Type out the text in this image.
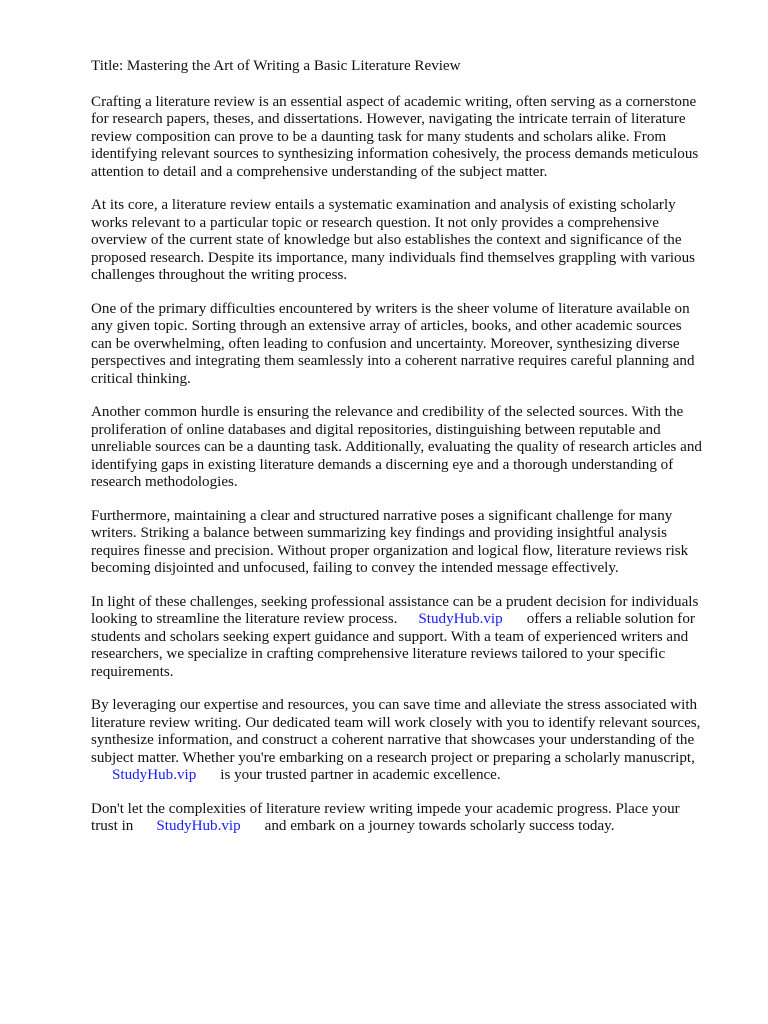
Title: Mastering the Art of Writing a Basic Literature Review
Crafting a literature review is an essential aspect of academic writing, often serving as a cornerstone
for research papers, theses, and dissertations. However, navigating the intricate terrain of literature
review composition can prove to be a daunting task for many students and scholars alike. From
identifying relevant sources to synthesizing information cohesively, the process demands meticulous
attention to detail and a comprehensive understanding of the subject matter.
At its core, a literature review entails a systematic examination and analysis of existing scholarly
works relevant to a particular topic or research question. It not only provides a comprehensive
overview of the current state of knowledge but also establishes the context and significance of the
proposed research. Despite its importance, many individuals find themselves grappling with various
challenges throughout the writing process.
One of the primary difficulties encountered by writers is the sheer volume of literature available on
any given topic. Sorting through an extensive array of articles, books, and other academic sources
can be overwhelming, often leading to confusion and uncertainty. Moreover, synthesizing diverse
perspectives and integrating them seamlessly into a coherent narrative requires careful planning and
critical thinking.
Another common hurdle is ensuring the relevance and credibility of the selected sources. With the
proliferation of online databases and digital repositories, distinguishing between reputable and
unreliable sources can be a daunting task. Additionally, evaluating the quality of research articles and
identifying gaps in existing literature demands a discerning eye and a thorough understanding of
research methodologies.
Furthermore, maintaining a clear and structured narrative poses a significant challenge for many
writers. Striking a balance between summarizing key findings and providing insightful analysis
requires finesse and precision. Without proper organization and logical flow, literature reviews risk
becoming disjointed and unfocused, failing to convey the intended message effectively.
In light of these challenges, seeking professional assistance can be a prudent decision for individuals
looking to streamline the literature review process. StudyHub.vip offers a reliable solution for
students and scholars seeking expert guidance and support. With a team of experienced writers and
researchers, we specialize in crafting comprehensive literature reviews tailored to your specific
requirements.
By leveraging our expertise and resources, you can save time and alleviate the stress associated with
literature review writing. Our dedicated team will work closely with you to identify relevant sources,
synthesize information, and construct a coherent narrative that showcases your understanding of the
subject matter. Whether you're embarking on a research project or preparing a scholarly manuscript,
StudyHub.vip is your trusted partner in academic excellence.
Don't let the complexities of literature review writing impede your academic progress. Place your
trust in StudyHub.vip and embark on a journey towards scholarly success today.
